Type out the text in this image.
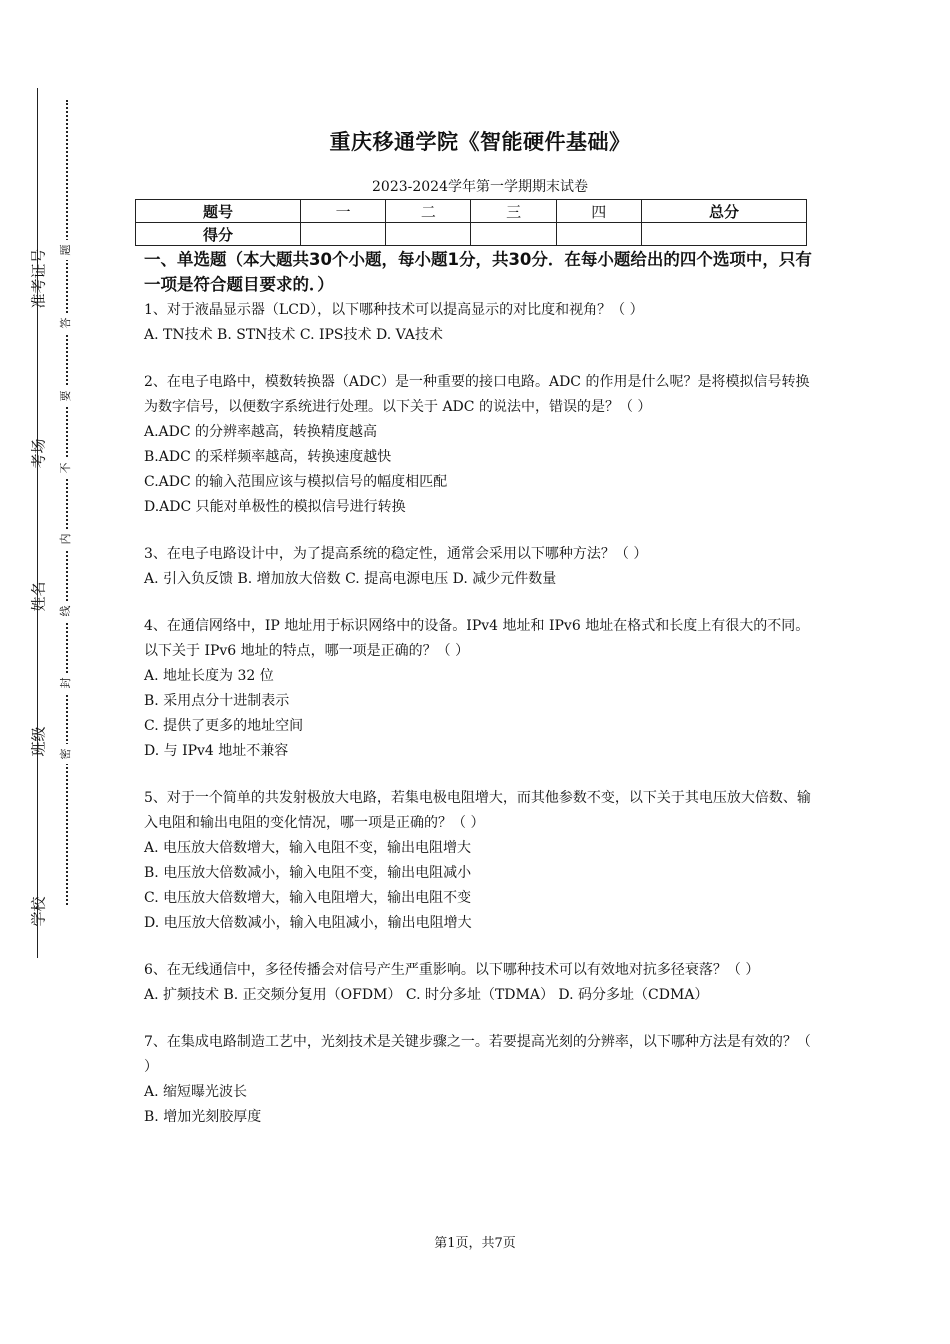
准考证号
考场
姓名
班级
学校
题
答
要
不
内
线
封
密
重庆移通学院《智能硬件基础》
2023-2024学年第一学期期末试卷
题号	一	二	三	四	总分
得分					
一、单选题（本大题共30个小题，每小题1分，共30分．在每小题给出的四个选项中，只有一项是符合题目要求的．）

1、对于液晶显示器（LCD），以下哪种技术可以提高显示的对比度和视角？（ ）

A. TN技术 B. STN技术 C. IPS技术 D. VA技术

2、在电子电路中，模数转换器（ADC）是一种重要的接口电路。ADC 的作用是什么呢？是将模拟信号转换为数字信号，以便数字系统进行处理。以下关于 ADC 的说法中，错误的是？（ ）

A.ADC 的分辨率越高，转换精度越高

B.ADC 的采样频率越高，转换速度越快

C.ADC 的输入范围应该与模拟信号的幅度相匹配

D.ADC 只能对单极性的模拟信号进行转换

3、在电子电路设计中，为了提高系统的稳定性，通常会采用以下哪种方法？（ ）

A. 引入负反馈 B. 增加放大倍数 C. 提高电源电压 D. 减少元件数量

4、在通信网络中，IP 地址用于标识网络中的设备。IPv4 地址和 IPv6 地址在格式和长度上有很大的不同。以下关于 IPv6 地址的特点，哪一项是正确的？（ ）

A. 地址长度为 32 位

B. 采用点分十进制表示

C. 提供了更多的地址空间

D. 与 IPv4 地址不兼容

5、对于一个简单的共发射极放大电路，若集电极电阻增大，而其他参数不变，以下关于其电压放大倍数、输入电阻和输出电阻的变化情况，哪一项是正确的？（ ）

A. 电压放大倍数增大，输入电阻不变，输出电阻增大

B. 电压放大倍数减小，输入电阻不变，输出电阻减小

C. 电压放大倍数增大，输入电阻增大，输出电阻不变

D. 电压放大倍数减小，输入电阻减小，输出电阻增大

6、在无线通信中，多径传播会对信号产生严重影响。以下哪种技术可以有效地对抗多径衰落？（ ）

A. 扩频技术 B. 正交频分复用（OFDM） C. 时分多址（TDMA） D. 码分多址（CDMA）

7、在集成电路制造工艺中，光刻技术是关键步骤之一。若要提高光刻的分辨率，以下哪种方法是有效的？（ ）

A. 缩短曝光波长

B. 增加光刻胶厚度

第1页，共7页
